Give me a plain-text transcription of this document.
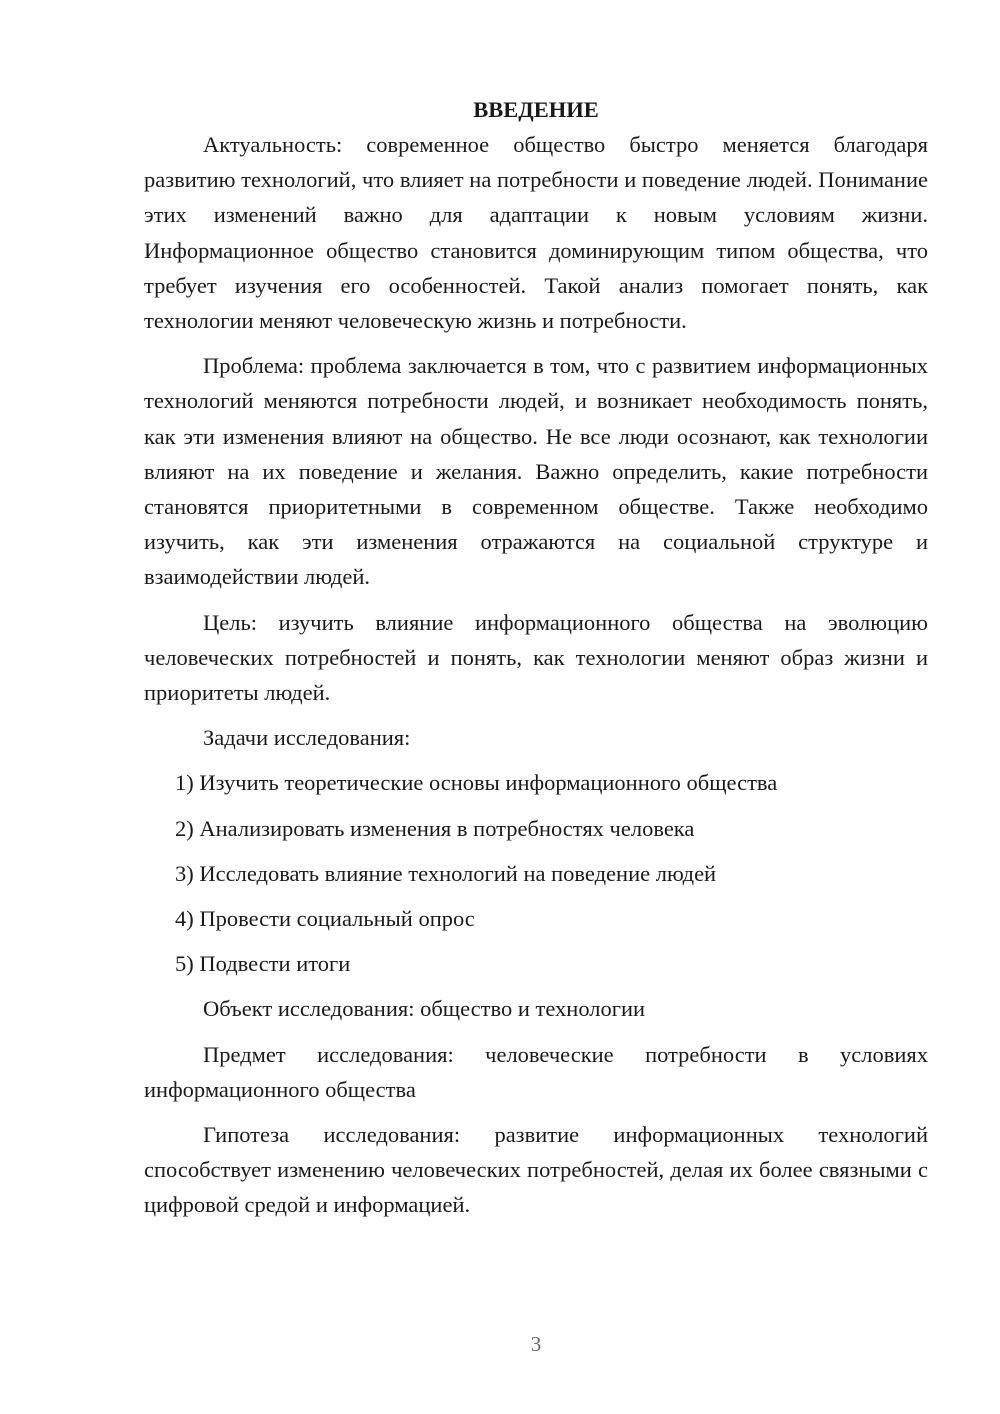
ВВЕДЕНИЕ

Актуальность: современное общество быстро меняется благодаря развитию технологий, что влияет на потребности и поведение людей. Понимание этих изменений важно для адаптации к новым условиям жизни. Информационное общество становится доминирующим типом общества, что требует изучения его особенностей. Такой анализ помогает понять, как технологии меняют человеческую жизнь и потребности.

Проблема: проблема заключается в том, что с развитием информационных технологий меняются потребности людей, и возникает необходимость понять, как эти изменения влияют на общество. Не все люди осознают, как технологии влияют на их поведение и желания. Важно определить, какие потребности становятся приоритетными в современном обществе. Также необходимо изучить, как эти изменения отражаются на социальной структуре и взаимодействии людей.

Цель: изучить влияние информационного общества на эволюцию человеческих потребностей и понять, как технологии меняют образ жизни и приоритеты людей.

Задачи исследования:

1) Изучить теоретические основы информационного общества
2) Анализировать изменения в потребностях человека
3) Исследовать влияние технологий на поведение людей
4) Провести социальный опрос
5) Подвести итоги

Объект исследования: общество и технологии

Предмет исследования: человеческие потребности в условиях информационного общества

Гипотеза исследования: развитие информационных технологий способствует изменению человеческих потребностей, делая их более связными с цифровой средой и информацией.

3
